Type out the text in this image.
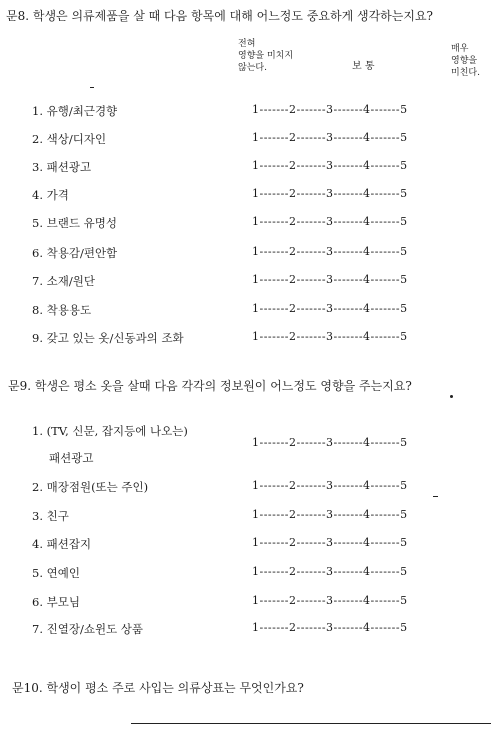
문8. 학생은 의류제품을 살 때 다음 항목에 대해 어느정도 중요하게 생각하는지요?
전혀
영향을 미치지
않는다.	보 통
매우
영향을
미친다.
1. 유행/최근경향	1-------2-------3-------4-------5
2. 색상/디자인	1-------2-------3-------4-------5
3. 패션광고	1-------2-------3-------4-------5
4. 가격	1-------2-------3-------4-------5
5. 브랜드 유명성	1-------2-------3-------4-------5
6. 착용감/편안함	1-------2-------3-------4-------5
7. 소재/원단	1-------2-------3-------4-------5
8. 착용용도	1-------2-------3-------4-------5
9. 갖고 있는 옷/신동과의 조화	1-------2-------3-------4-------5
문9. 학생은 평소 옷을 살때 다음 각각의 정보원이 어느정도 영향을 주는지요?
1. (TV, 신문, 잡지등에 나오는)
패션광고
1-------2-------3-------4-------5
2. 매장점원(또는 주인)	1-------2-------3-------4-------5
3. 친구	1-------2-------3-------4-------5
4. 패션잡지	1-------2-------3-------4-------5
5. 연예인	1-------2-------3-------4-------5
6. 부모님	1-------2-------3-------4-------5
7. 진열장/쇼윈도 상품	1-------2-------3-------4-------5
문10. 학생이 평소 주로 사입는 의류상표는 무엇인가요?
